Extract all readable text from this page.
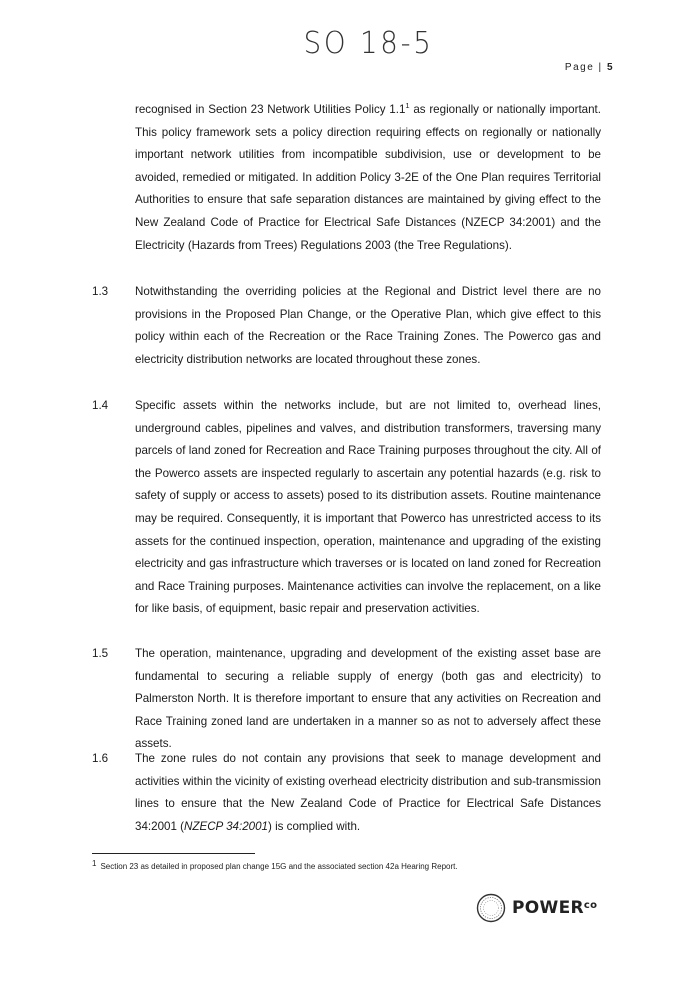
SO 18-5
Page | 5

recognised in Section 23 Network Utilities Policy $1.1^1$ as regionally or nationally important. This policy framework sets a policy direction requiring effects on regionally or nationally important network utilities from incompatible subdivision, use or development to be avoided, remedied or mitigated. In addition Policy 3-2E of the One Plan requires Territorial Authorities to ensure that safe separation distances are maintained by giving effect to the New Zealand Code of Practice for Electrical Safe Distances (NZECP 34:2001) and the Electricity (Hazards from Trees) Regulations 2003 (the Tree Regulations).

1.3 Notwithstanding the overriding policies at the Regional and District level there are no provisions in the Proposed Plan Change, or the Operative Plan, which give effect to this policy within each of the Recreation or the Race Training Zones. The Powerco gas and electricity distribution networks are located throughout these zones.

1.4 Specific assets within the networks include, but are not limited to, overhead lines, underground cables, pipelines and valves, and distribution transformers, traversing many parcels of land zoned for Recreation and Race Training purposes throughout the city. All of the Powerco assets are inspected regularly to ascertain any potential hazards (e.g. risk to safety of supply or access to assets) posed to its distribution assets. Routine maintenance may be required. Consequently, it is important that Powerco has unrestricted access to its assets for the continued inspection, operation, maintenance and upgrading of the existing electricity and gas infrastructure which traverses or is located on land zoned for Recreation and Race Training purposes. Maintenance activities can involve the replacement, on a like for like basis, of equipment, basic repair and preservation activities.

1.5 The operation, maintenance, upgrading and development of the existing asset base are fundamental to securing a reliable supply of energy (both gas and electricity) to Palmerston North. It is therefore important to ensure that any activities on Recreation and Race Training zoned land are undertaken in a manner so as not to adversely affect these assets.

1.6 The zone rules do not contain any provisions that seek to manage development and activities within the vicinity of existing overhead electricity distribution and sub-transmission lines to ensure that the New Zealand Code of Practice for Electrical Safe Distances 34:2001 (NZECP 34:2001) is complied with.

$^1$ Section 23 as detailed in proposed plan change 15G and the associated section 42a Hearing Report.
$POWER^{co}$
